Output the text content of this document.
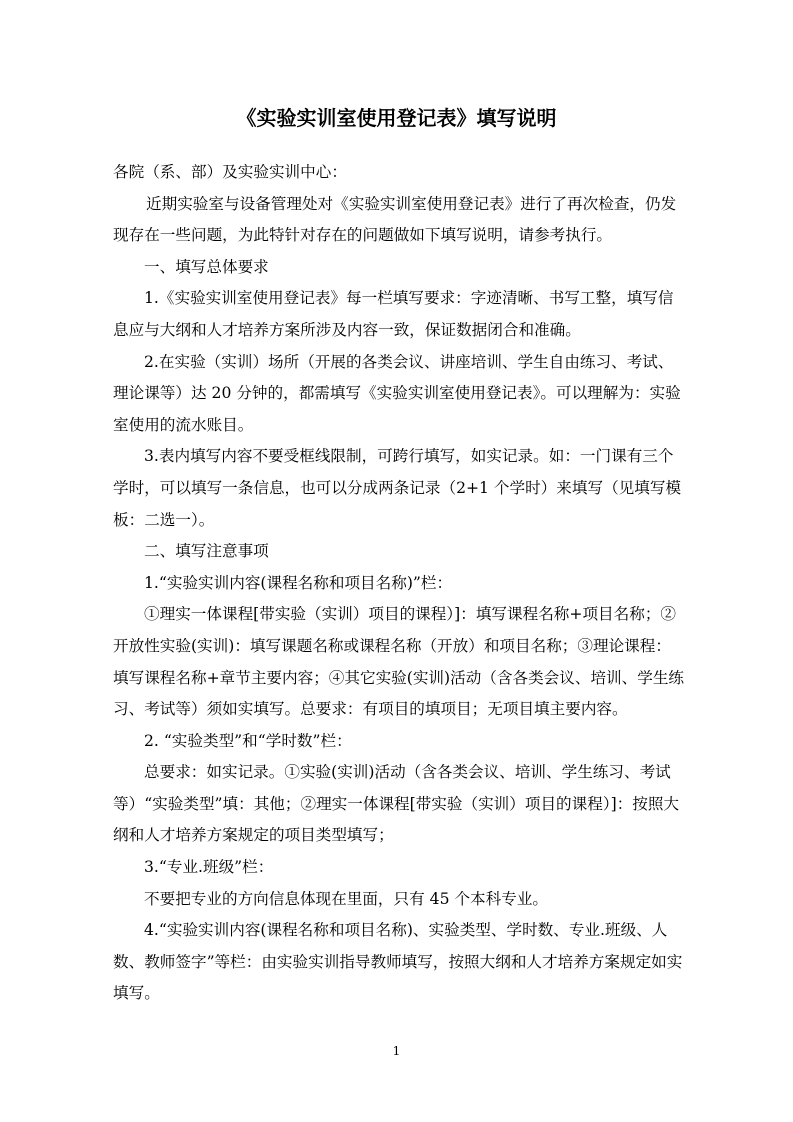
《实验实训室使用登记表》填写说明

各院（系、部）及实验实训中心：

近期实验室与设备管理处对《实验实训室使用登记表》进行了再次检查，仍发现存在一些问题，为此特针对存在的问题做如下填写说明，请参考执行。

一、填写总体要求

1.《实验实训室使用登记表》每一栏填写要求：字迹清晰、书写工整，填写信息应与大纲和人才培养方案所涉及内容一致，保证数据闭合和准确。

2.在实验（实训）场所（开展的各类会议、讲座培训、学生自由练习、考试、理论课等）达 20 分钟的，都需填写《实验实训室使用登记表》。可以理解为：实验室使用的流水账目。

3.表内填写内容不要受框线限制，可跨行填写，如实记录。如：一门课有三个学时，可以填写一条信息，也可以分成两条记录（2+1 个学时）来填写（见填写模板：二选一）。

二、填写注意事项

1.“实验实训内容(课程名称和项目名称)”栏：

①理实一体课程[带实验（实训）项目的课程）]：填写课程名称+项目名称；②开放性实验(实训)：填写课题名称或课程名称（开放）和项目名称；③理论课程：填写课程名称+章节主要内容；④其它实验(实训)活动（含各类会议、培训、学生练习、考试等）须如实填写。总要求：有项目的填项目；无项目填主要内容。

2. “实验类型”和“学时数”栏：

总要求：如实记录。①实验(实训)活动（含各类会议、培训、学生练习、考试等）“实验类型”填：其他；②理实一体课程[带实验（实训）项目的课程）]：按照大纲和人才培养方案规定的项目类型填写；

3.“专业.班级”栏：

不要把专业的方向信息体现在里面，只有 45 个本科专业。

4.“实验实训内容(课程名称和项目名称)、实验类型、学时数、专业.班级、人数、教师签字”等栏：由实验实训指导教师填写，按照大纲和人才培养方案规定如实填写。

1
